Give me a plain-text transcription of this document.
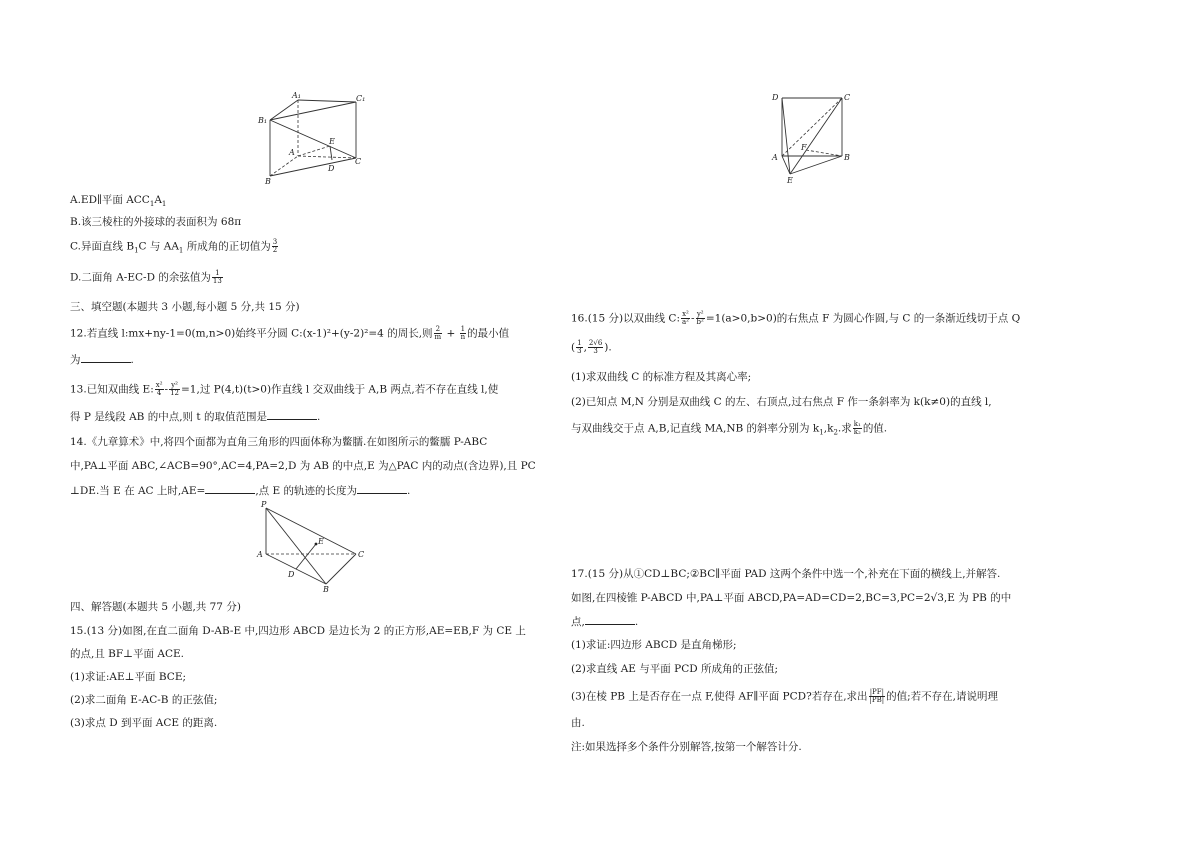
A₁	C₁
B₁
A
E
C
D
B
P
E
A	C
D
B
D	C
A
F
B
E
A.ED∥平面 $ACC_1A_1$
B.该三棱柱的外接球的表面积为 68π
C.异面直线 $B_1C$ 与 $AA_1$ 所成角的正切值为 $\frac{3}{2}$
D.二面角 A-EC-D 的余弦值为 $\frac{1}{13}$
三、填空题(本题共 3 小题,每小题 5 分,共 15 分)
12.若直线 l:mx+ny-1=0(m,n>0)始终平分圆 C:(x-1)²+(y-2)²=4 的周长,则 $\frac{2}{m} + \frac{1}{n}$ 的最小值
为	.
13.已知双曲线 E: $\frac{\text{x²}}{4} - \frac{\text{y²}}{12} =1$,过 P(4,t)(t>0)作直线 l 交双曲线于 A,B 两点,若不存在直线 l,使
得 P 是线段 AB 的中点,则 t 的取值范围是	.
14.《九章算术》中,将四个面都为直角三角形的四面体称为鳖臑.在如图所示的鳖臑 P-ABC
中,PA⊥平面 ABC,∠ACB=90°,AC=4,PA=2,D 为 AB 的中点,E 为△PAC 内的动点(含边界),且 PC
⊥DE.当 E 在 AC 上时,AE=	,点 E 的轨迹的长度为	.
四、解答题(本题共 5 小题,共 77 分)
15.(13 分)如图,在直二面角 D-AB-E 中,四边形 ABCD 是边长为 2 的正方形,AE=EB,F 为 CE 上
的点,且 BF⊥平面 ACE.
(1)求证:AE⊥平面 BCE;
(2)求二面角 E-AC-B 的正弦值;
(3)求点 D 到平面 ACE 的距离.
16.(15 分)以双曲线 C: $\frac{\text{x²}}{\text{a²}} - \frac{\text{y²}}{\text{b²}} =1(a>0,b>0)$的右焦点 F 为圆心作圆,与 C 的一条渐近线切于点 Q
( $\frac{1}{3}$ , $\frac{2√6}{3}$ ).
(1)求双曲线 C 的标准方程及其离心率;
(2)已知点 M,N 分别是双曲线 C 的左、右顶点,过右焦点 F 作一条斜率为 k(k≠0)的直线 l,
与双曲线交于点 A,B,记直线 MA,NB 的斜率分别为 $k_1,k_2$.求 $\frac{\text{k₁}}{\text{k₂}}$ 的值.
17.(15 分)从①CD⊥BC;②BC∥平面 PAD 这两个条件中选一个,补充在下面的横线上,并解答.
如图,在四棱锥 P-ABCD 中,PA⊥平面 ABCD,PA=AD=CD=2,BC=3,PC=2√3,E 为 PB 的中
点,	.
(1)求证:四边形 ABCD 是直角梯形;
(2)求直线 AE 与平面 PCD 所成角的正弦值;
(3)在棱 PB 上是否存在一点 F,使得 AF∥平面 PCD?若存在,求出 $\frac{|PF|}{|PB|}$ 的值;若不存在,请说明理
由.
注:如果选择多个条件分别解答,按第一个解答计分.
